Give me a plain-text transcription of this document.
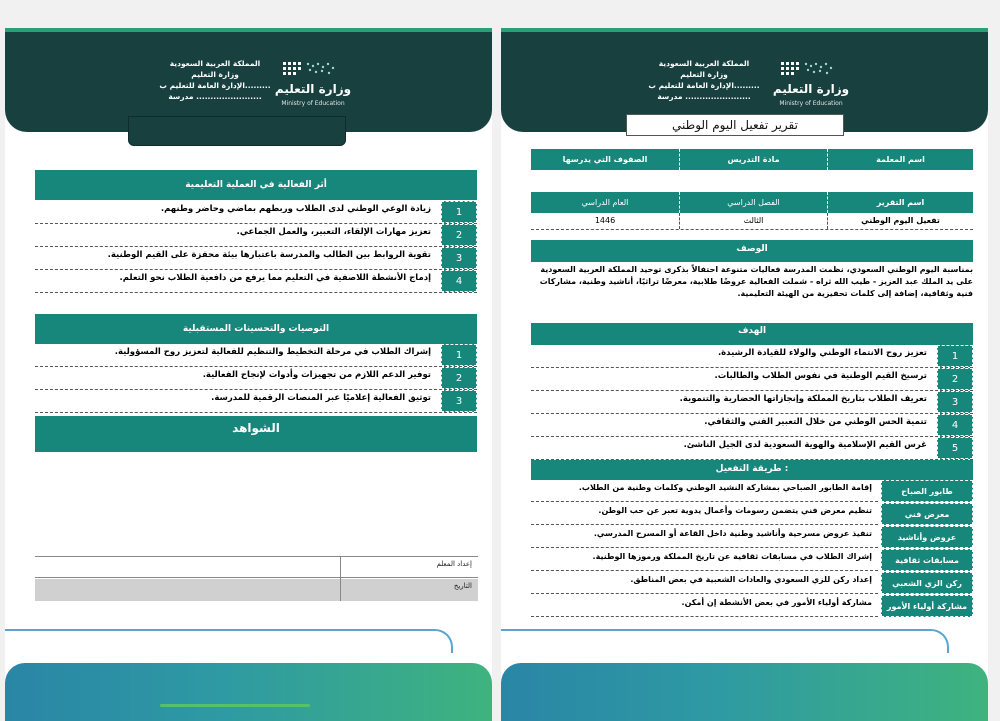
المملكة العربية السعودية
وزارة التعليم
الإدارة العامة للتعليم ب.........
مدرسة .......................
وزارة التعليم
Ministry of Education
أثر الفعالية في العملية التعليمية
1
زيادة الوعي الوطني لدى الطلاب وربطهم بماضي وحاضر وطنهم.
2
تعزيز مهارات الإلقاء، التعبير، والعمل الجماعي.
3
تقوية الروابط بين الطالب والمدرسة باعتبارها بيئة محفزة على القيم الوطنية.
4
إدماج الأنشطة اللاصفية في التعليم مما يرفع من دافعية الطلاب نحو التعلم.
التوصيات والتحسينات المستقبلية
1
إشراك الطلاب في مرحلة التخطيط والتنظيم للفعالية لتعزيز روح المسؤولية.
2
توفير الدعم اللازم من تجهيزات وأدوات لإنجاح الفعالية.
3
توثيق الفعالية إعلاميًا عبر المنصات الرقمية للمدرسة.
الشواهد
إعداد المعلم
التاريخ
المملكة العربية السعودية
وزارة التعليم
الإدارة العامة للتعليم ب.........
مدرسة .......................
وزارة التعليم
Ministry of Education
تقرير تفعيل اليوم الوطني
اسم المعلمة
مادة التدريس
الصفوف التي يدرسها
اسم التقرير
الفصل الدراسي
العام الدراسي
تفعيل اليوم الوطني
الثالث
1446
الوصف
بمناسبة اليوم الوطني السعودي، نظمت المدرسة فعاليات متنوعة احتفالاً بذكرى توحيد المملكة العربية السعودية على يد الملك عبد العزيز - طيب الله ثراه - شملت الفعالية عروضًا طلابية، معرضًا تراثيًا، أناشيد وطنية، مشاركات فنية وثقافية، إضافة إلى كلمات تحفيزية من الهيئة التعليمية.
الهدف
1
تعزيز روح الانتماء الوطني والولاء للقيادة الرشيدة.
2
ترسيخ القيم الوطنية في نفوس الطلاب والطالبات.
3
تعريف الطلاب بتاريخ المملكة وإنجازاتها الحضارية والتنموية.
4
تنمية الحس الوطني من خلال التعبير الفني والثقافي.
5
غرس القيم الإسلامية والهوية السعودية لدى الجيل الناشئ.
طريقة التفعيل :
طابور الصباح
إقامة الطابور الصباحي بمشاركة النشيد الوطني وكلمات وطنية من الطلاب.
معرض فني
تنظيم معرض فني يتضمن رسومات وأعمال يدوية تعبر عن حب الوطن.
عروض وأناشيد
تنفيذ عروض مسرحية وأناشيد وطنية داخل القاعة أو المسرح المدرسي.
مسابقات ثقافية
إشراك الطلاب في مسابقات ثقافية عن تاريخ المملكة ورموزها الوطنية.
ركن الزي الشعبي
إعداد ركن للزي السعودي والعادات الشعبية في بعض المناطق.
مشاركة أولياء الأمور
مشاركة أولياء الأمور في بعض الأنشطة إن أمكن.
